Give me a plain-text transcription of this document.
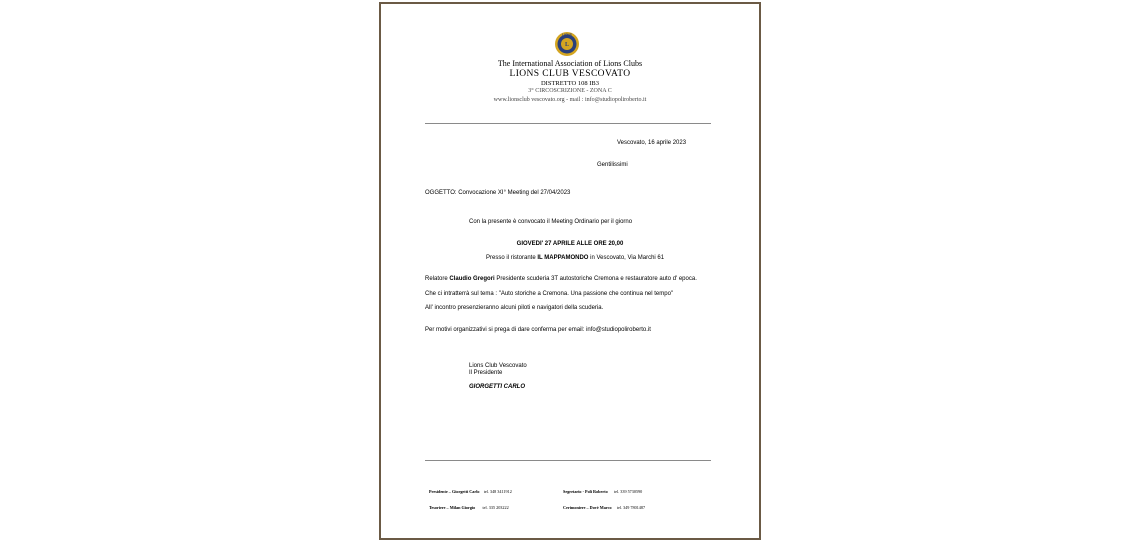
LIONS
L
The International Association of Lions Clubs
LIONS CLUB VESCOVATO
DISTRETTO 108 IB3
3° CIRCOSCRIZIONE - ZONA C
www.lionsclub vescovato.org - mail : info@studiopoliroberto.it
Vescovato, 16 aprile 2023
Gentilissimi
OGGETTO: Convocazione XI° Meeting del 27/04/2023
Con la presente è convocato il Meeting Ordinario per il giorno
GIOVEDI' 27 APRILE ALLE ORE 20,00
Presso il ristorante IL MAPPAMONDO in Vescovato, Via Marchi 61
Relatore Claudio Gregori Presidente scuderia 3T autostoriche Cremona e restauratore auto d' epoca.
Che ci intratterrà sul tema : "Auto storiche a Cremona. Una passione che continua nel tempo"
All' incontro presenzieranno alcuni piloti e navigatori della scuderia.
Per motivi organizzativi si prega di dare conferma per email: info@studiopoliroberto.it
Lions Club Vescovato
Il Presidente
GIORGETTI CARLO
Presidente – Giorgetti Carlo tel. 348 3411912	Segretario - Poli Roberto tel. 339 5730590
Tesoriere – Milan Giorgio tel. 335 203222	Cerimoniere – Dovè Marco tel. 349 7801487
